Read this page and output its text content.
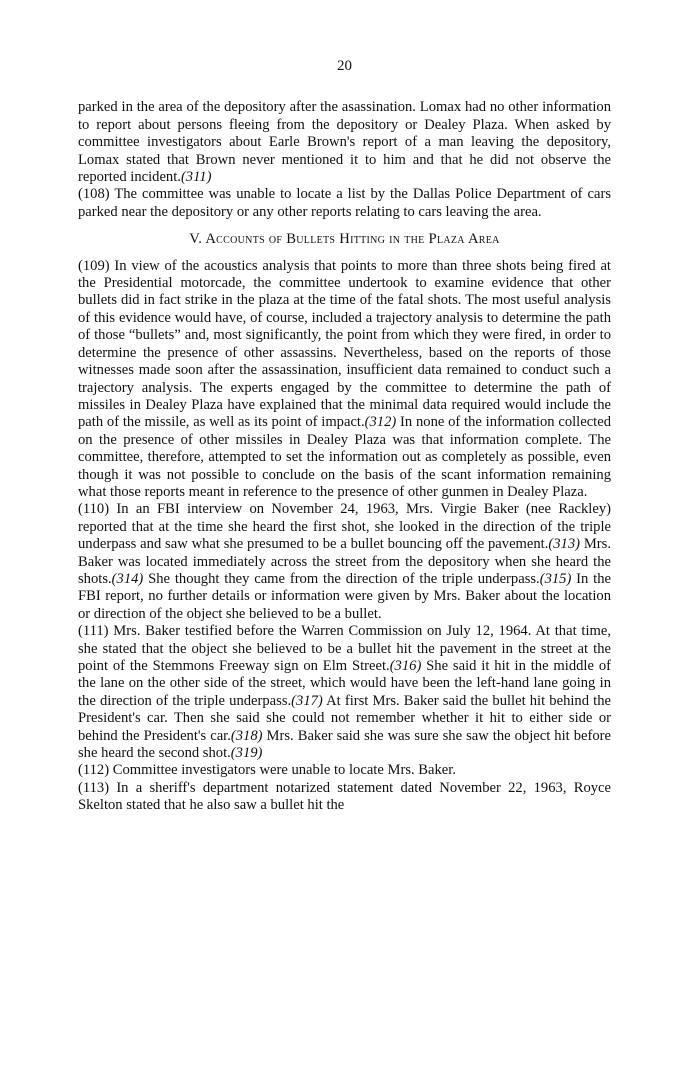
20

parked in the area of the depository after the asassination. Lomax had no other information to report about persons fleeing from the depository or Dealey Plaza. When asked by committee investigators about Earle Brown's report of a man leaving the depository, Lomax stated that Brown never mentioned it to him and that he did not observe the reported incident.(311)

(108) The committee was unable to locate a list by the Dallas Police Department of cars parked near the depository or any other reports relating to cars leaving the area.

V. Accounts of Bullets Hitting in the Plaza Area

(109) In view of the acoustics analysis that points to more than three shots being fired at the Presidential motorcade, the committee undertook to examine evidence that other bullets did in fact strike in the plaza at the time of the fatal shots. The most useful analysis of this evidence would have, of course, included a trajectory analysis to determine the path of those “bullets” and, most significantly, the point from which they were fired, in order to determine the presence of other assassins. Nevertheless, based on the reports of those witnesses made soon after the assassination, insufficient data remained to conduct such a trajectory analysis. The experts engaged by the committee to determine the path of missiles in Dealey Plaza have explained that the minimal data required would include the path of the missile, as well as its point of impact.(312) In none of the information collected on the presence of other missiles in Dealey Plaza was that information complete. The committee, therefore, attempted to set the information out as completely as possible, even though it was not possible to conclude on the basis of the scant information remaining what those reports meant in reference to the presence of other gunmen in Dealey Plaza.

(110) In an FBI interview on November 24, 1963, Mrs. Virgie Baker (nee Rackley) reported that at the time she heard the first shot, she looked in the direction of the triple underpass and saw what she presumed to be a bullet bouncing off the pavement.(313) Mrs. Baker was located immediately across the street from the depository when she heard the shots.(314) She thought they came from the direction of the triple underpass.(315) In the FBI report, no further details or information were given by Mrs. Baker about the location or direction of the object she believed to be a bullet.

(111) Mrs. Baker testified before the Warren Commission on July 12, 1964. At that time, she stated that the object she believed to be a bullet hit the pavement in the street at the point of the Stemmons Freeway sign on Elm Street.(316) She said it hit in the middle of the lane on the other side of the street, which would have been the left-hand lane going in the direction of the triple underpass.(317) At first Mrs. Baker said the bullet hit behind the President's car. Then she said she could not remember whether it hit to either side or behind the President's car.(318) Mrs. Baker said she was sure she saw the object hit before she heard the second shot.(319)

(112) Committee investigators were unable to locate Mrs. Baker.

(113) In a sheriff's department notarized statement dated November 22, 1963, Royce Skelton stated that he also saw a bullet hit the
